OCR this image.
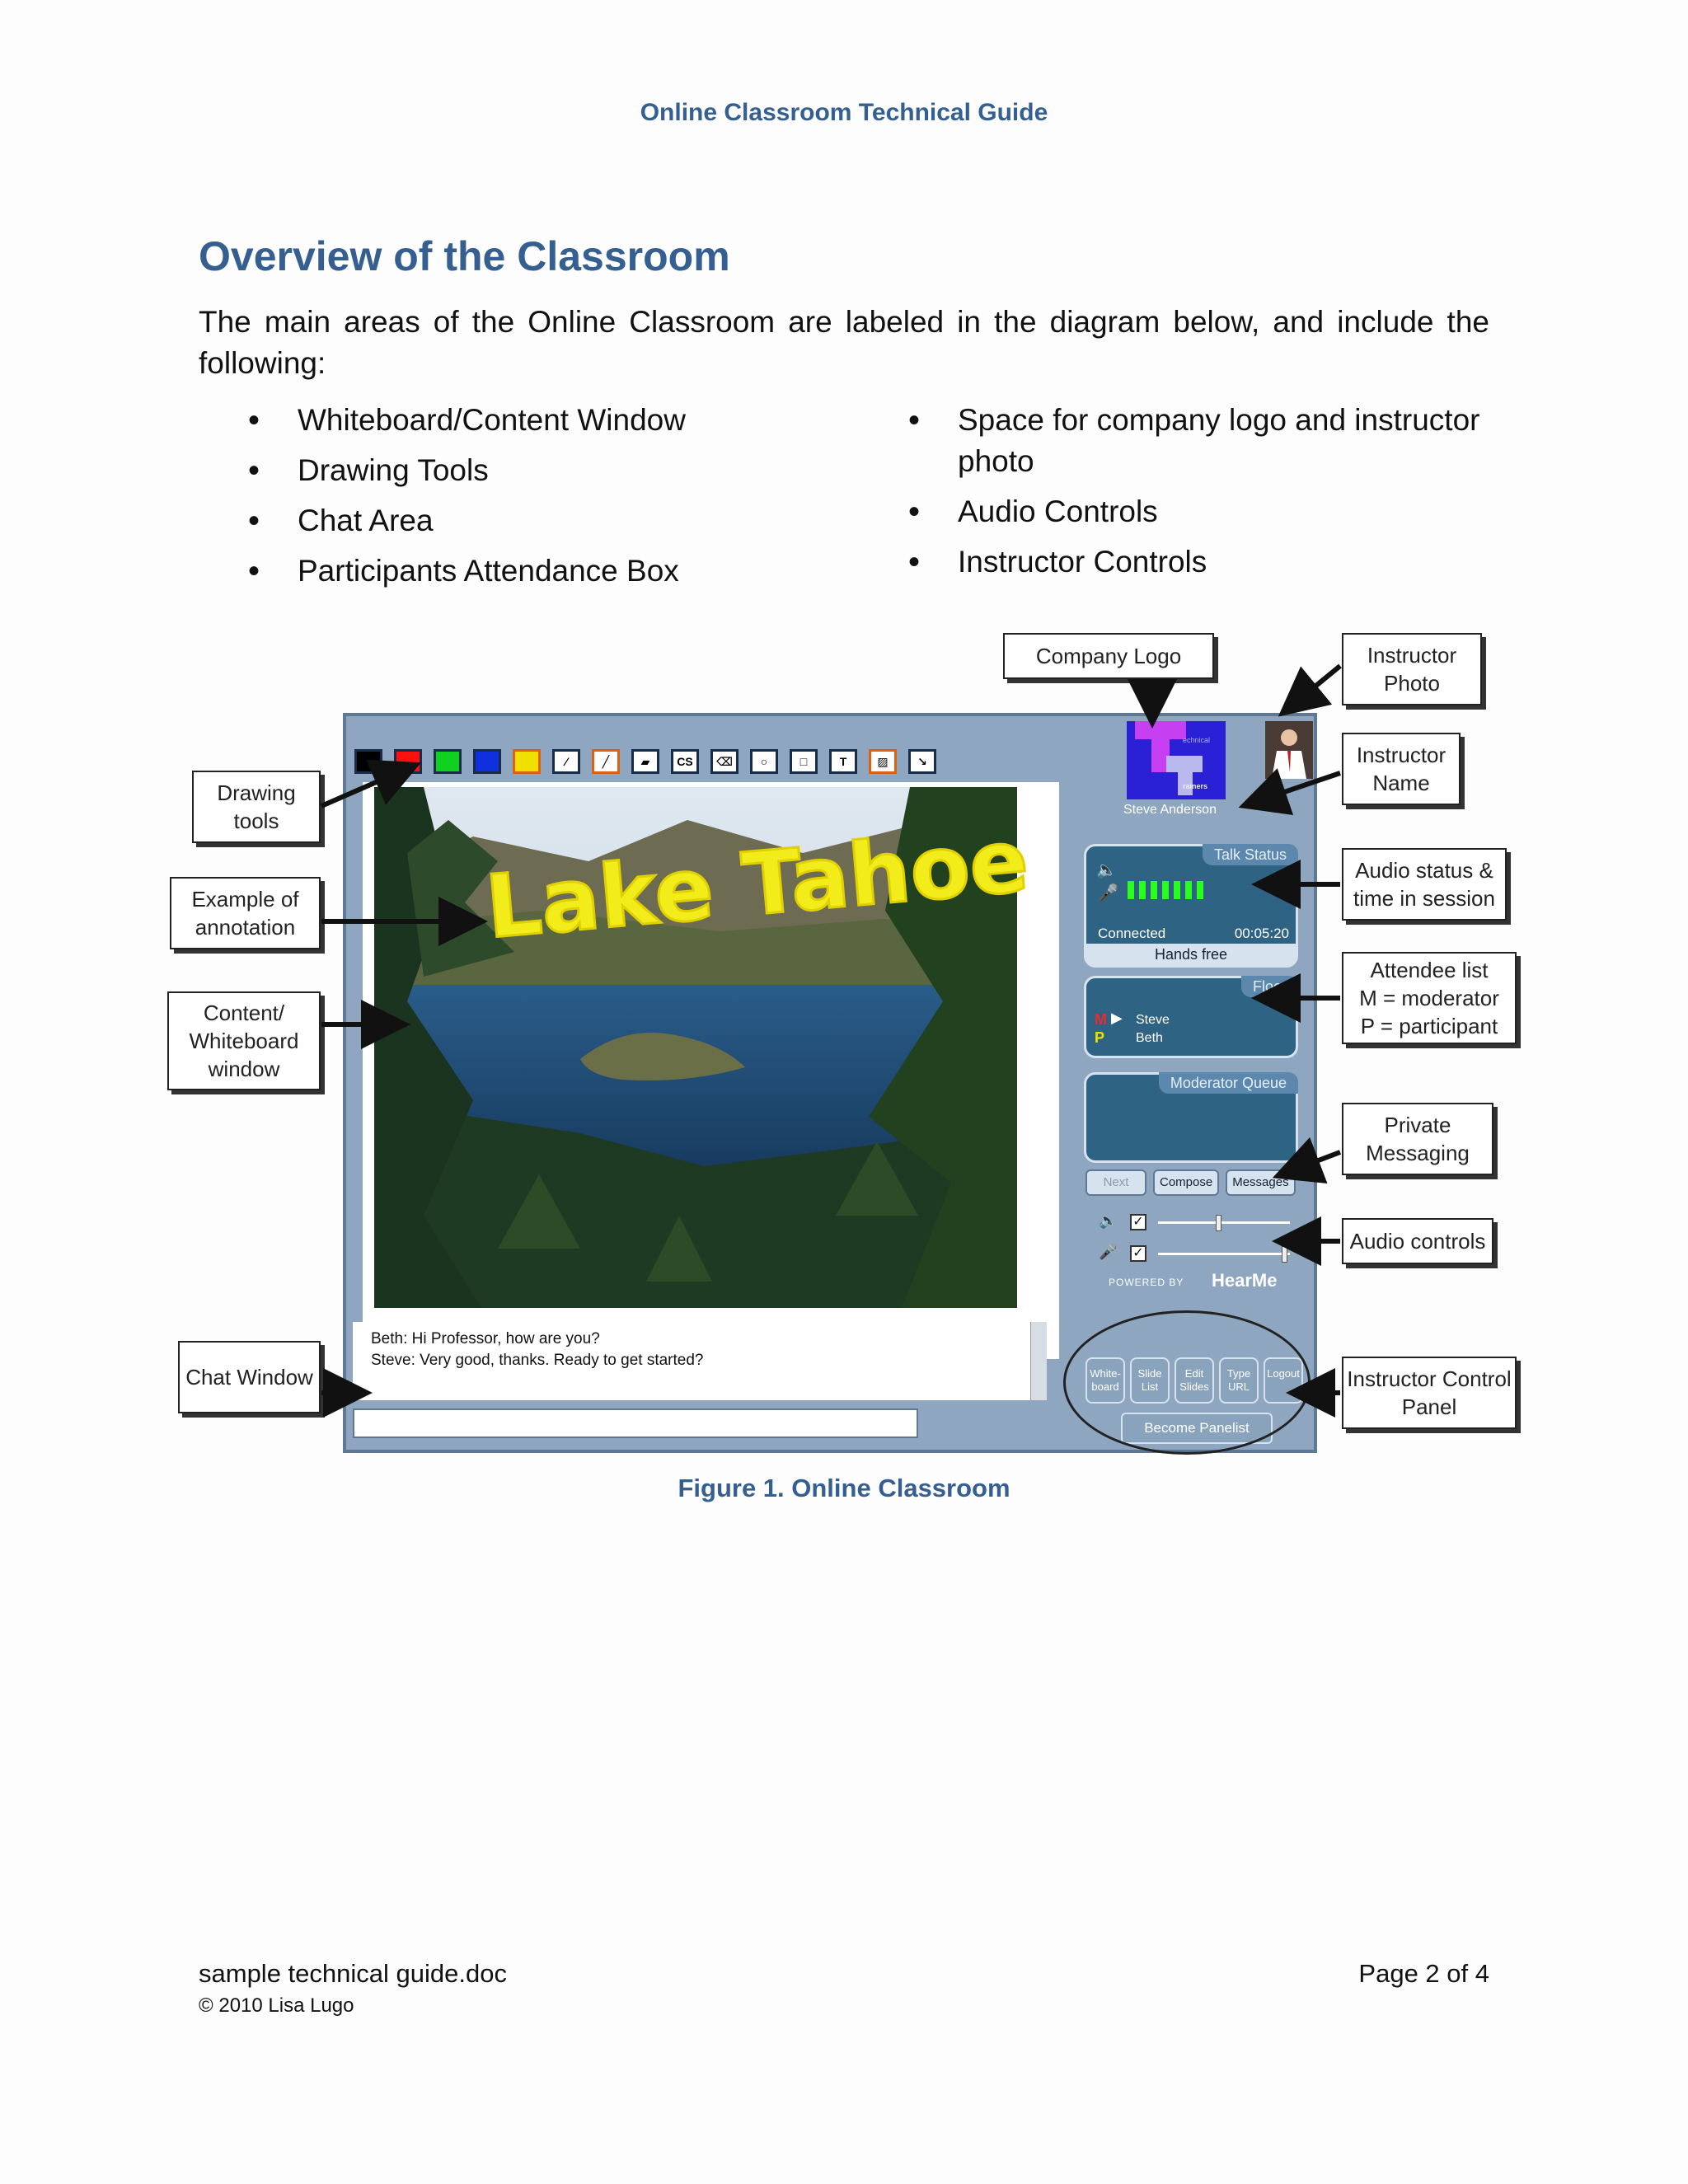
Online Classroom Technical Guide
Overview of the Classroom

The main areas of the Online Classroom are labeled in the diagram below, and include the following:

• Whiteboard/Content Window
• Drawing Tools
• Chat Area
• Participants Attendance Box
• Space for company logo and instructor photo
• Audio Controls
• Instructor Controls
⁄	╱	▰	CS	⌫	○	□	T	▨	↘
Lake Tahoe
Beth: Hi Professor, how are you?
Steve: Very good, thanks. Ready to get started?
echnical
rainers
Steve Anderson
Talk Status
🔈
🎤
Connected	00:05:20
Hands free
Floor
M ▶
P
Steve
Beth
Moderator Queue
Next	Compose	Messages
🔈 ✓
🎤 ✓
POWERED BY HearMe
White-board
Slide List
Edit Slides
Type URL
Logout
Become Panelist
Company Logo	Instructor
Photo
Instructor
Name
Drawing
tools
Example of
annotation
Content/
Whiteboard
window
Audio status &
time in session
Attendee list
M = moderator
P = participant
Private
Messaging
Audio controls
Chat Window	Instructor Control
Panel
Figure 1. Online Classroom
sample technical guide.doc
© 2010 Lisa Lugo
Page 2 of 4
